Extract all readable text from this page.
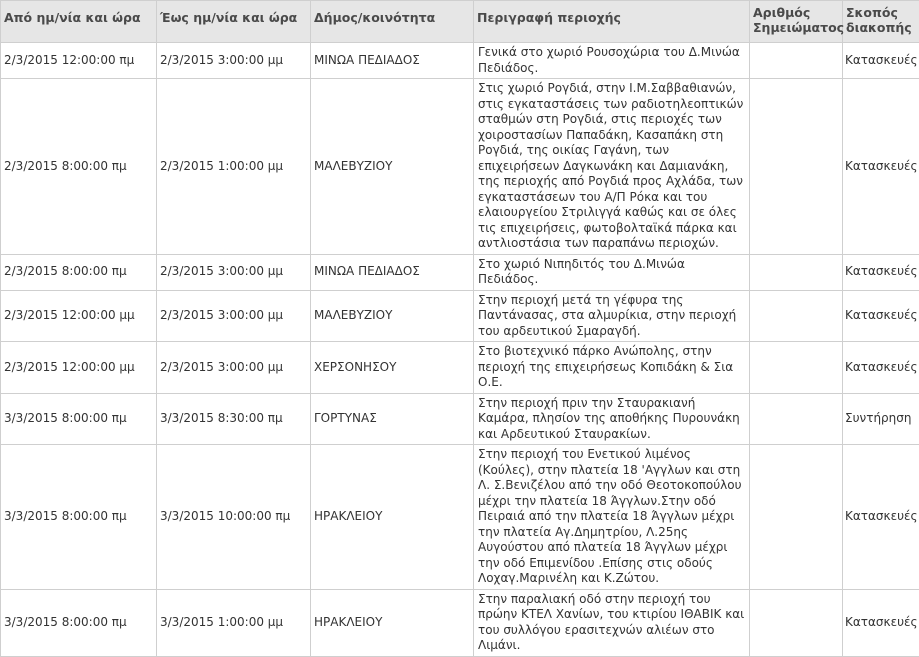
Από ημ/νία και ώρα	Έως ημ/νία και ώρα	Δήμος/κοινότητα	Περιγραφή περιοχής	Αριθμός Σημειώματος	Σκοπός διακοπής
2/3/2015 12:00:00 πμ	2/3/2015 3:00:00 μμ	ΜΙΝΩΑ ΠΕΔΙΑΔΟΣ	Γενικά στο χωριό Ρουσοχώρια του Δ.Μινώα Πεδιάδος.		Κατασκευές
2/3/2015 8:00:00 πμ	2/3/2015 1:00:00 μμ	ΜΑΛΕΒΥΖΙΟΥ	Στις χωριό Ρογδιά, στην Ι.Μ.Σαββαθιανών, στις εγκαταστάσεις των ραδιοτηλεοπτικών σταθμών στη Ρογδιά, στις περιοχές των χοιροστασίων Παπαδάκη, Κασαπάκη στη Ρογδιά, της οικίας Γαγάνη, των επιχειρήσεων Δαγκωνάκη και Δαμιανάκη, της περιοχής από Ρογδιά προς Αχλάδα, των εγκαταστάσεων του Α/Π Ρόκα και του ελαιουργείου Στριλιγγά καθώς και σε όλες τις επιχειρήσεις, φωτοβολταϊκά πάρκα και αντλιοστάσια των παραπάνω περιοχών.		Κατασκευές
2/3/2015 8:00:00 πμ	2/3/2015 3:00:00 μμ	ΜΙΝΩΑ ΠΕΔΙΑΔΟΣ	Στο χωριό Νιπηδιτός του Δ.Μινώα Πεδιάδος.		Κατασκευές
2/3/2015 12:00:00 μμ	2/3/2015 3:00:00 μμ	ΜΑΛΕΒΥΖΙΟΥ	Στην περιοχή μετά τη γέφυρα της Παντάνασας, στα αλμυρίκια, στην περιοχή του αρδευτικού Σμαραγδή.		Κατασκευές
2/3/2015 12:00:00 μμ	2/3/2015 3:00:00 μμ	ΧΕΡΣΟΝΗΣΟΥ	Στο βιοτεχνικό πάρκο Ανώπολης, στην περιοχή της επιχειρήσεως Κοπιδάκη & Σια Ο.Ε.		Κατασκευές
3/3/2015 8:00:00 πμ	3/3/2015 8:30:00 πμ	ΓΟΡΤΥΝΑΣ	Στην περιοχή πριν την Σταυρακιανή Καμάρα, πλησίον της αποθήκης Πυρουνάκη και Αρδευτικού Σταυρακίων.		Συντήρηση
3/3/2015 8:00:00 πμ	3/3/2015 10:00:00 πμ	ΗΡΑΚΛΕΙΟΥ	Στην περιοχή του Ενετικού λιμένος (Κούλες), στην πλατεία 18 'Αγγλων και στη Λ. Σ.Βενιζέλου από την οδό Θεοτοκοπούλου μέχρι την πλατεία 18 Άγγλων.Στην οδό Πειραιά από την πλατεία 18 Άγγλων μέχρι την πλατεία Αγ.Δημητρίου, Λ.25ης Αυγούστου από πλατεία 18 Άγγλων μέχρι την οδό Επιμενίδου .Επίσης στις οδούς Λοχαγ.Μαρινέλη και Κ.Ζώτου.		Κατασκευές
3/3/2015 8:00:00 πμ	3/3/2015 1:00:00 μμ	ΗΡΑΚΛΕΙΟΥ	Στην παραλιακή οδό στην περιοχή του πρώην ΚΤΕΛ Χανίων, του κτιρίου ΙΘΑΒΙΚ και του συλλόγου ερασιτεχνών αλιέων στο Λιμάνι.		Κατασκευές
